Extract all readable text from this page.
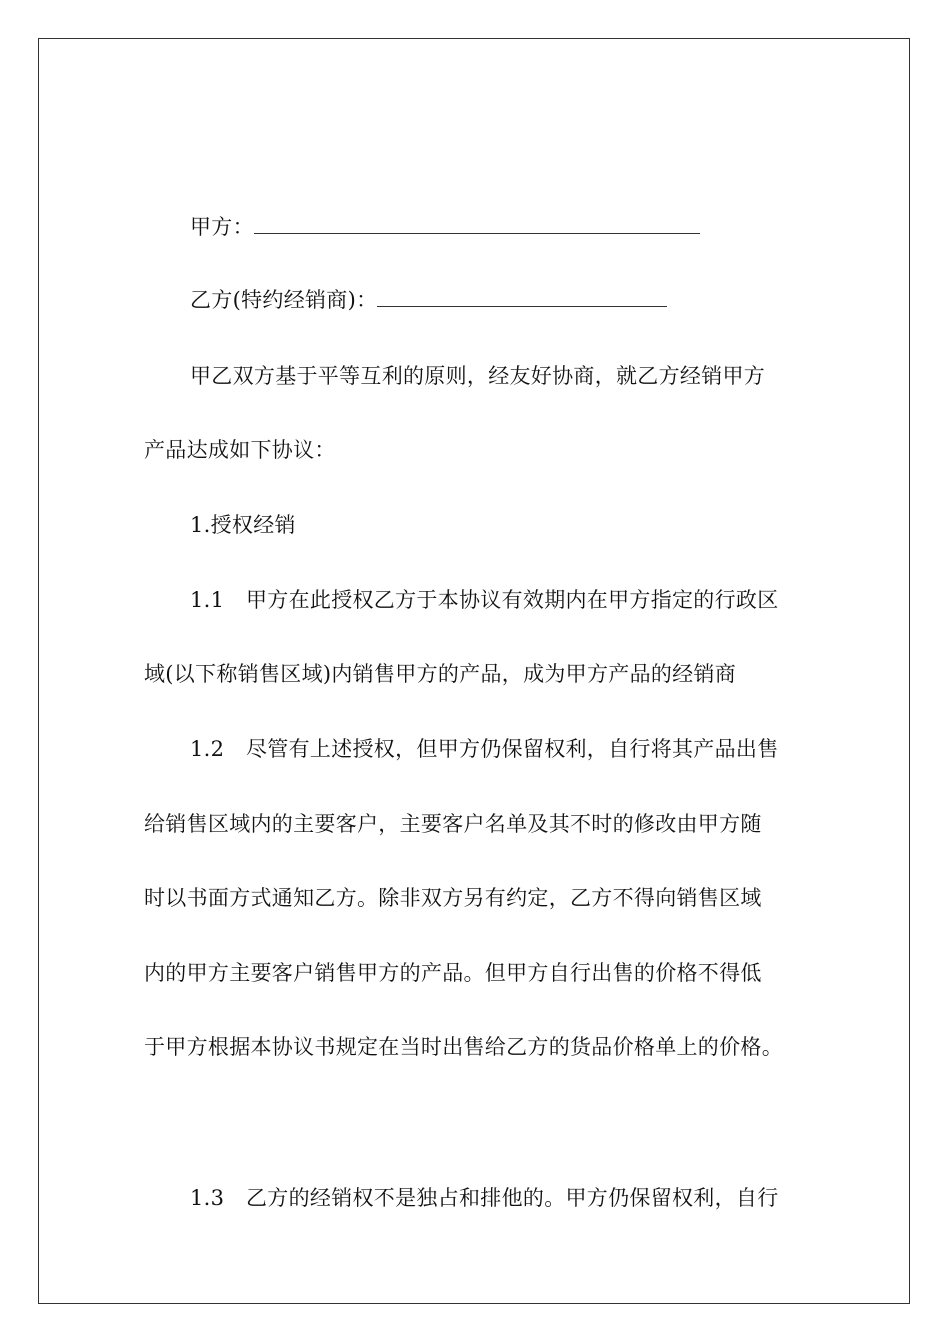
甲方：
乙方(特约经销商)：
甲乙双方基于平等互利的原则，经友好协商，就乙方经销甲方
产品达成如下协议：
1.授权经销
1.1 甲方在此授权乙方于本协议有效期内在甲方指定的行政区
域(以下称销售区域)内销售甲方的产品，成为甲方产品的经销商
1.2 尽管有上述授权，但甲方仍保留权利，自行将其产品出售
给销售区域内的主要客户，主要客户名单及其不时的修改由甲方随
时以书面方式通知乙方。除非双方另有约定，乙方不得向销售区域
内的甲方主要客户销售甲方的产品。但甲方自行出售的价格不得低
于甲方根据本协议书规定在当时出售给乙方的货品价格单上的价格。
1.3 乙方的经销权不是独占和排他的。甲方仍保留权利，自行
